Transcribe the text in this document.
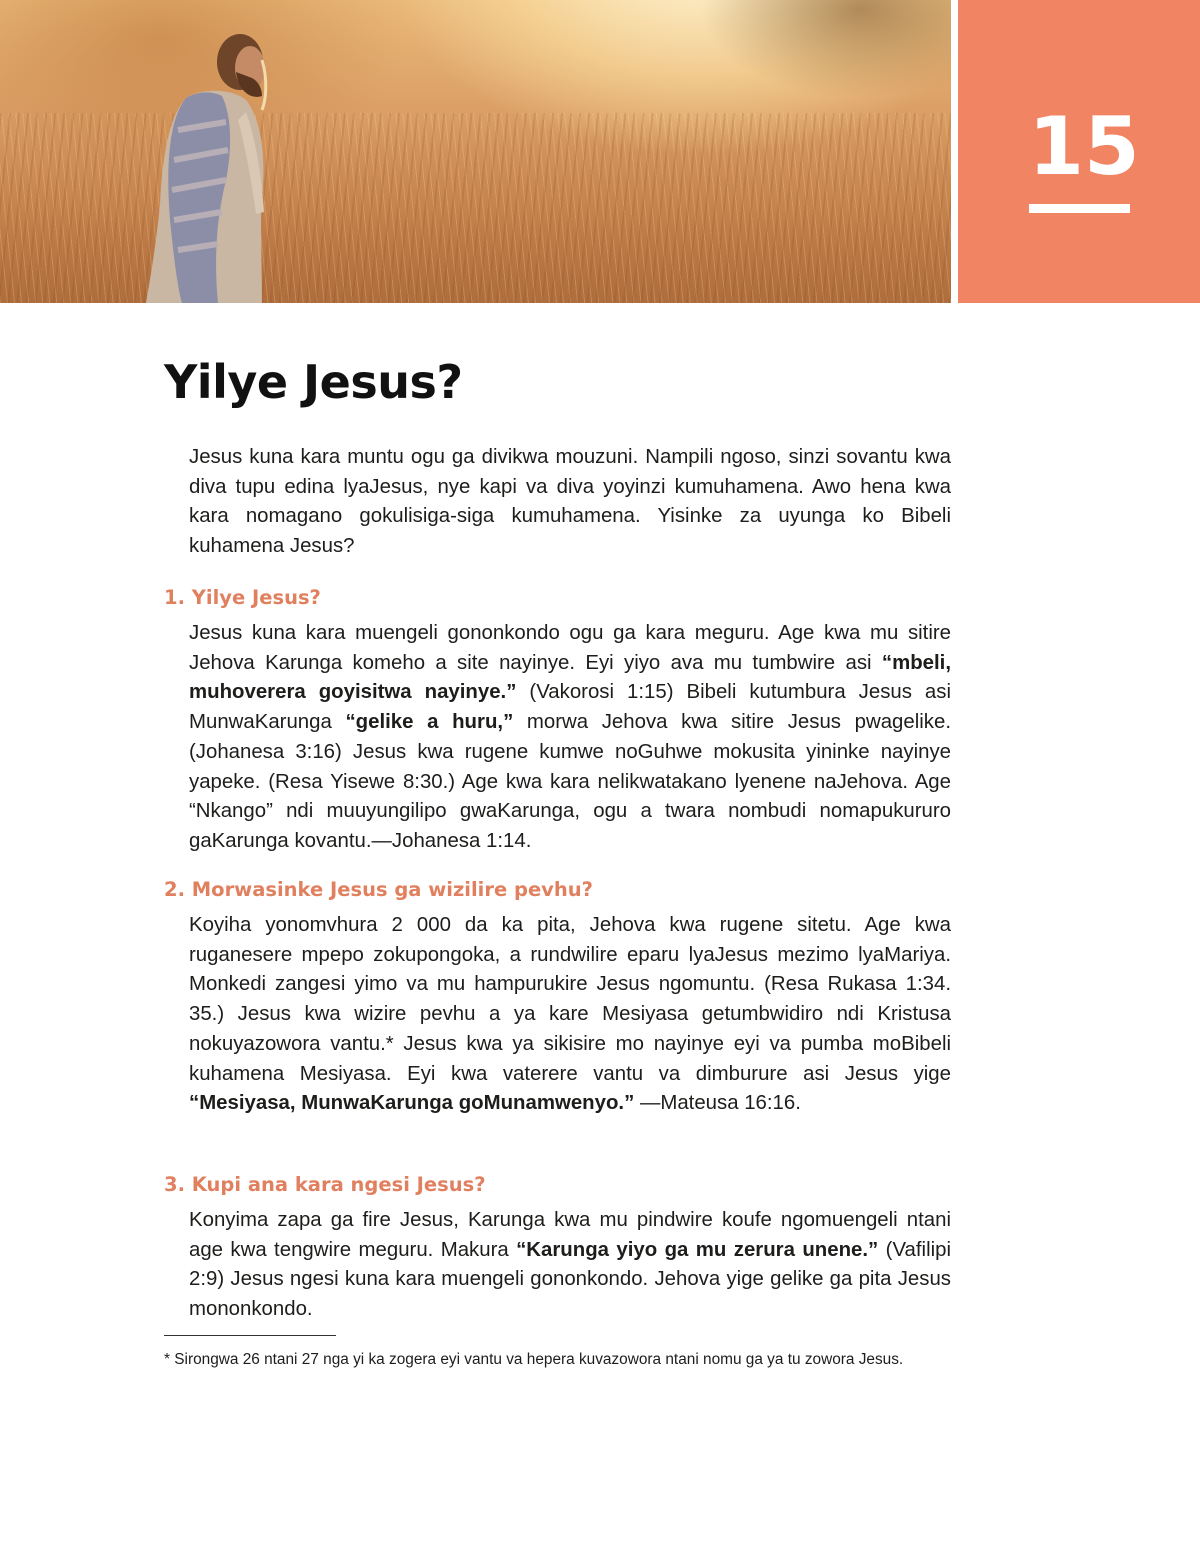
15
Yilye Jesus?

Jesus kuna kara muntu ogu ga divikwa mouzuni. Nampili ngoso, sinzi sovantu kwa diva tupu edina lyaJesus, nye kapi va diva yoyinzi kumuhamena. Awo hena kwa kara nomagano gokulisiga-siga kumuhamena. Yisinke za uyunga ko Bibeli kuhamena Jesus?

1. Yilye Jesus?

Jesus kuna kara muengeli gononkondo ogu ga kara meguru. Age kwa mu sitire Jehova Karunga komeho a site nayinye. Eyi yiyo ava mu tumbwire asi “mbeli, muhoverera goyisitwa nayinye.” (Vakorosi 1:15) Bibeli kutumbura Jesus asi MunwaKarunga “gelike a huru,” morwa Jehova kwa sitire Jesus pwagelike. (Johanesa 3:16) Jesus kwa rugene kumwe noGuhwe mokusita yininke nayinye yapeke. (Resa Yisewe 8:30.) Age kwa kara nelikwatakano lyenene naJehova. Age “Nkango” ndi muuyungilipo gwaKarunga, ogu a twara nombudi nomapukururo gaKarunga kovantu.—Johanesa 1:14.

2. Morwasinke Jesus ga wizilire pevhu?

Koyiha yonomvhura 2 000 da ka pita, Jehova kwa rugene sitetu. Age kwa ruganesere mpepo zokupongoka, a rundwilire eparu lyaJesus mezimo lyaMariya. Monkedi zangesi yimo va mu hampurukire Jesus ngomuntu. (Resa Rukasa 1:34. 35.) Jesus kwa wizire pevhu a ya kare Mesiyasa getumbwidiro ndi Kristusa nokuyazowora vantu.* Jesus kwa ya sikisire mo nayinye eyi va pumba moBibeli kuhamena Mesiyasa. Eyi kwa vaterere vantu va dimburure asi Jesus yige “Mesiyasa, MunwaKarunga goMunamwenyo.” —Mateusa 16:16.

3. Kupi ana kara ngesi Jesus?

Konyima zapa ga fire Jesus, Karunga kwa mu pindwire koufe ngomuengeli ntani age kwa tengwire meguru. Makura “Karunga yiyo ga mu zerura unene.” (Vafilipi 2:9) Jesus ngesi kuna kara muengeli gononkondo. Jehova yige gelike ga pita Jesus mononkondo.

* Sirongwa 26 ntani 27 nga yi ka zogera eyi vantu va hepera kuvazowora ntani nomu ga ya tu zowora Jesus.
